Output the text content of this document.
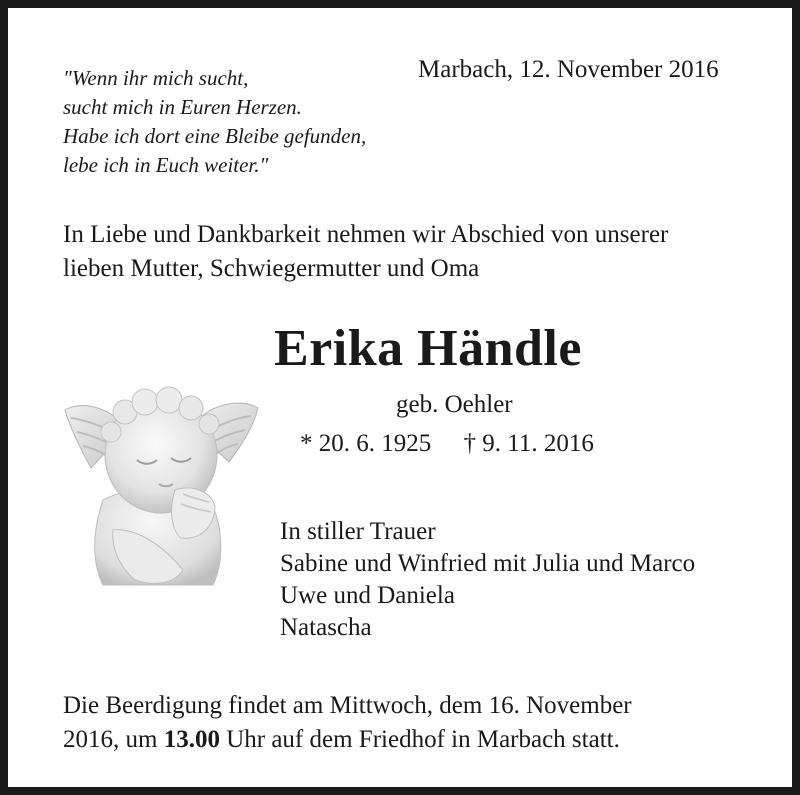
"Wenn ihr mich sucht,
sucht mich in Euren Herzen.
Habe ich dort eine Bleibe gefunden,
lebe ich in Euch weiter."
Marbach, 12. November 2016
In Liebe und Dankbarkeit nehmen wir Abschied von unserer
lieben Mutter, Schwiegermutter und Oma
Erika Händle
geb. Oehler
* 20. 6. 1925 † 9. 11. 2016
In stiller Trauer
Sabine und Winfried mit Julia und Marco
Uwe und Daniela
Natascha
Die Beerdigung findet am Mittwoch, dem 16. November
2016, um 13.00 Uhr auf dem Friedhof in Marbach statt.
